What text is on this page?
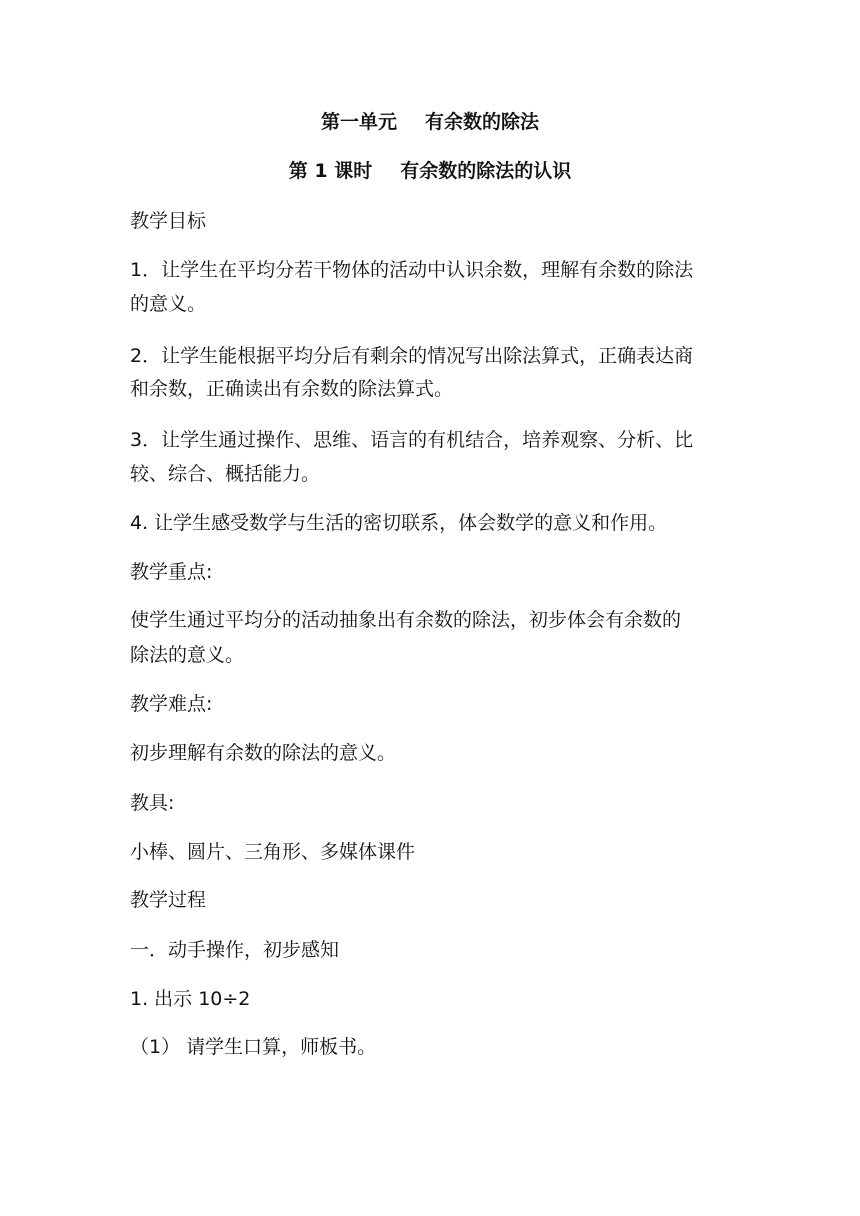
第一单元 有余数的除法
第 1 课时 有余数的除法的认识
教学目标
1．让学生在平均分若干物体的活动中认识余数，理解有余数的除法
的意义。
2．让学生能根据平均分后有剩余的情况写出除法算式，正确表达商
和余数，正确读出有余数的除法算式。
3．让学生通过操作、思维、语言的有机结合，培养观察、分析、比
较、综合、概括能力。
4. 让学生感受数学与生活的密切联系，体会数学的意义和作用。
教学重点:
使学生通过平均分的活动抽象出有余数的除法，初步体会有余数的
除法的意义。
教学难点:
初步理解有余数的除法的意义。
教具:
小棒、圆片、三角形、多媒体课件
教学过程
一．动手操作，初步感知
1. 出示 10÷2
（1） 请学生口算，师板书。
